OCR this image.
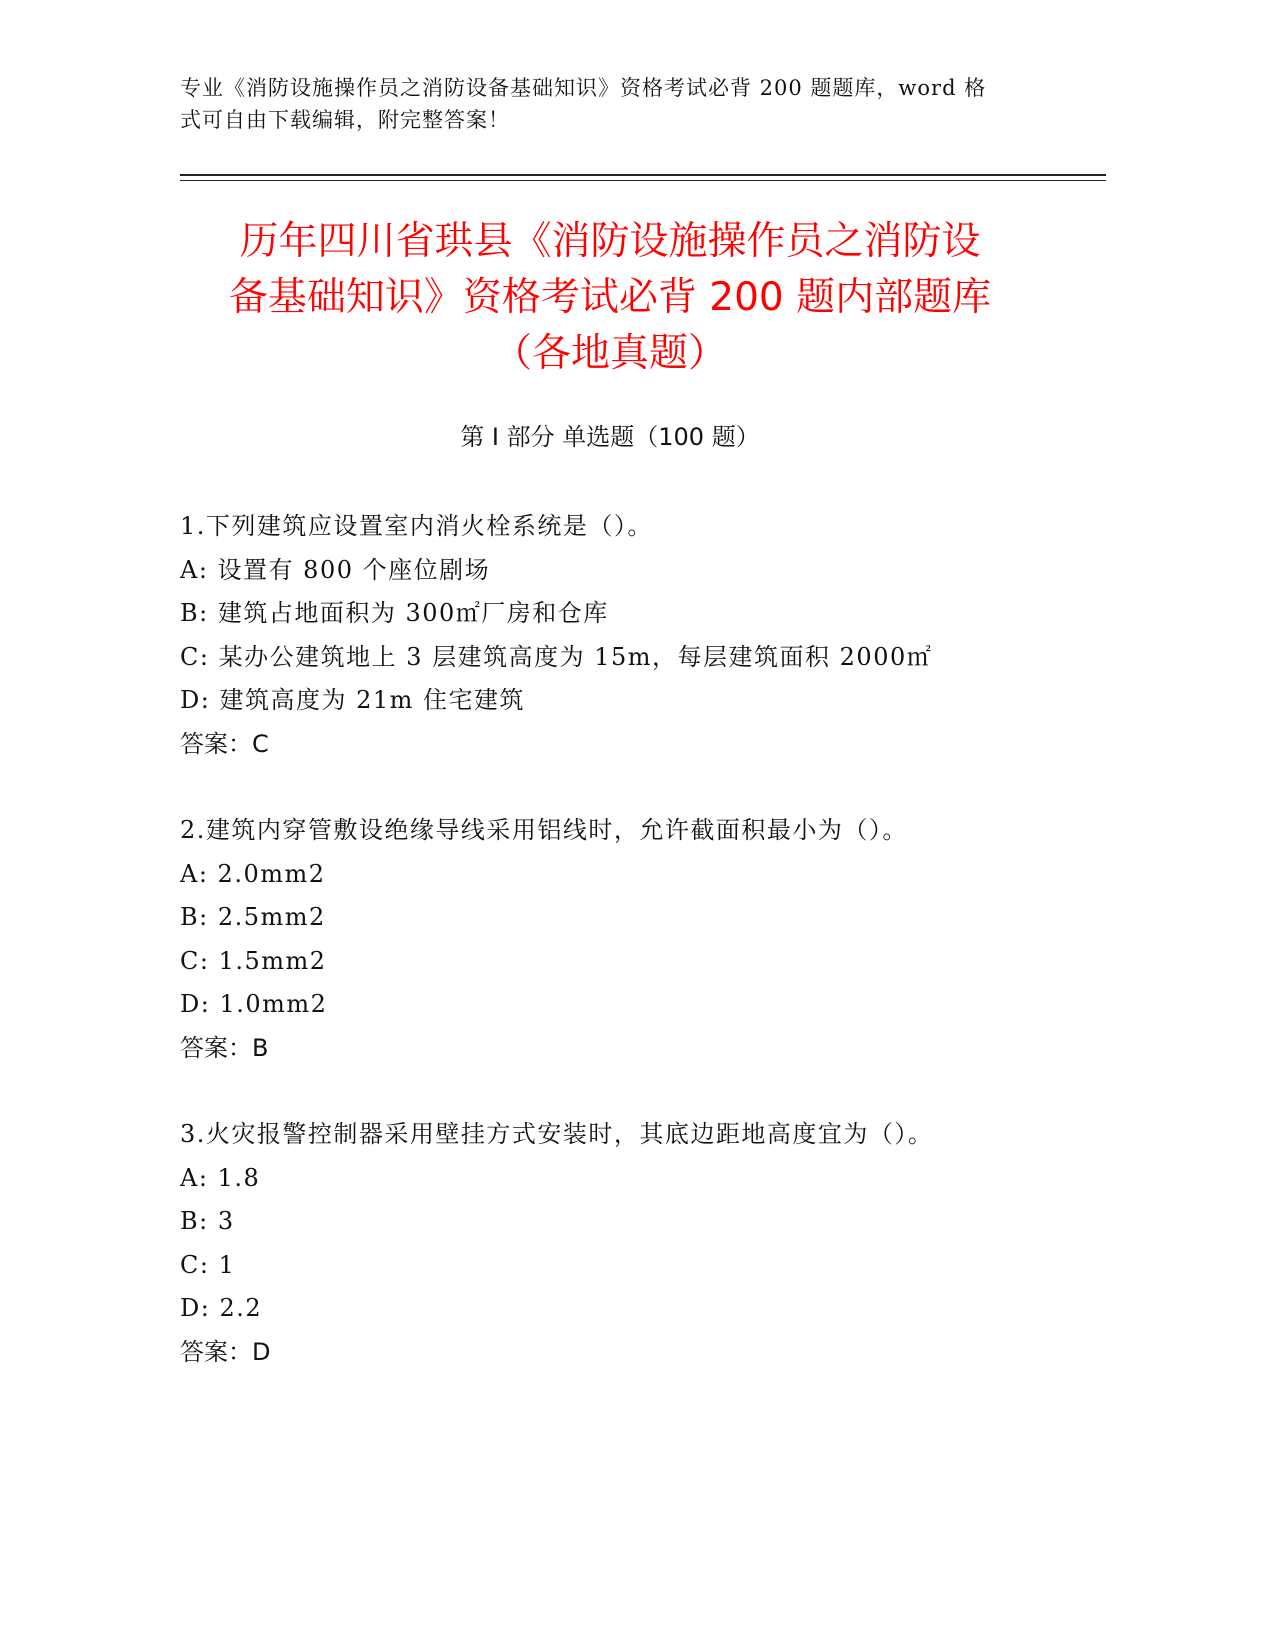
专业《消防设施操作员之消防设备基础知识》资格考试必背 200 题题库，word 格
式可自由下载编辑，附完整答案！
历年四川省珙县《消防设施操作员之消防设
备基础知识》资格考试必背 200 题内部题库
（各地真题）
第 I 部分 单选题（100 题）
1.下列建筑应设置室内消火栓系统是（）。
A: 设置有 800 个座位剧场
B: 建筑占地面积为 300㎡厂房和仓库
C: 某办公建筑地上 3 层建筑高度为 15m，每层建筑面积 2000㎡
D: 建筑高度为 21m 住宅建筑
答案：C
2.建筑内穿管敷设绝缘导线采用铝线时，允许截面积最小为（）。
A: 2.0mm2
B: 2.5mm2
C: 1.5mm2
D: 1.0mm2
答案：B
3.火灾报警控制器采用壁挂方式安装时，其底边距地高度宜为（）。
A: 1.8
B: 3
C: 1
D: 2.2
答案：D
